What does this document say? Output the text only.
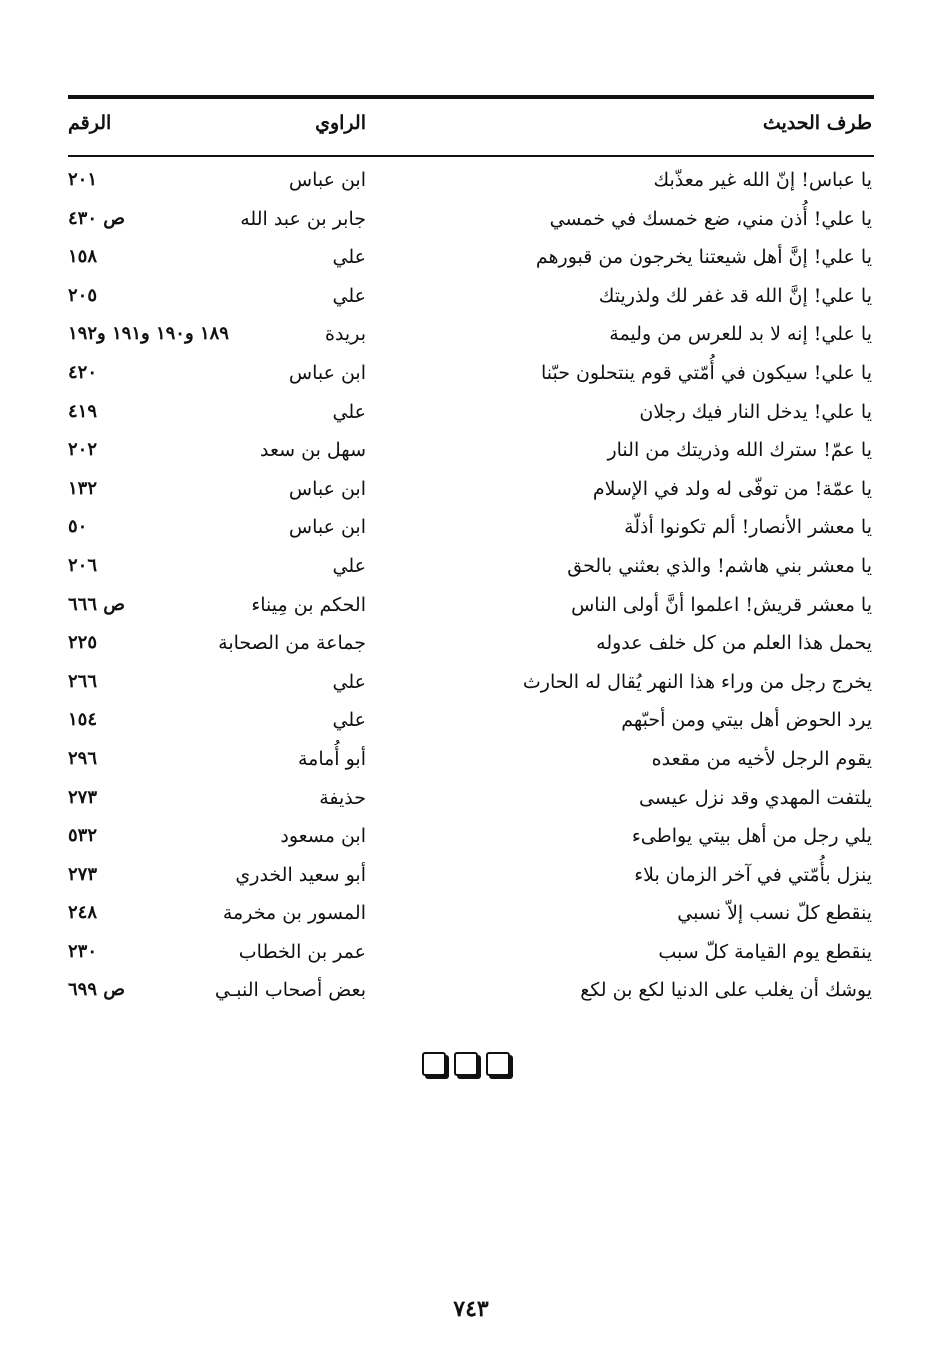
طرف الحديث
الراوي
الرقم
يا عباس! إنّ الله غير معذّبك
ابن عباس
٢٠١
يا علي! أُذن مني، ضع خمسك في خمسي
جابر بن عبد الله
ص ٤٣٠
يا علي! إنَّ أهل شيعتنا يخرجون من قبورهم
علي
١٥٨
يا علي! إنَّ الله قد غفر لك ولذريتك
علي
٢٠٥
يا علي! إنه لا بد للعرس من وليمة
بريدة
١٨٩ و١٩٠ و١٩١ و١٩٢
يا علي! سيكون في أُمّتي قوم ينتحلون حبّنا
ابن عباس
٤٢٠
يا علي! يدخل النار فيك رجلان
علي
٤١٩
يا عمّ! سترك الله وذريتك من النار
سهل بن سعد
٢٠٢
يا عمّة! من توفّى له ولد في الإسلام
ابن عباس
١٣٢
يا معشر الأنصار! ألم تكونوا أذلّة
ابن عباس
٥٠
يا معشر بني هاشم! والذي بعثني بالحق
علي
٢٠٦
يا معشر قريش! اعلموا أنَّ أولى الناس
الحكم بن مِيناء
ص ٦٦٦
يحمل هذا العلم من كل خلف عدوله
جماعة من الصحابة
٢٢٥
يخرج رجل من وراء هذا النهر يُقال له الحارث
علي
٢٦٦
يرد الحوض أهل بيتي ومن أحبّهم
علي
١٥٤
يقوم الرجل لأخيه من مقعده
أبو أُمامة
٢٩٦
يلتفت المهدي وقد نزل عيسى
حذيفة
٢٧٣
يلي رجل من أهل بيتي يواطىء
ابن مسعود
٥٣٢
ينزل بأُمّتي في آخر الزمان بلاء
أبو سعيد الخدري
٢٧٣
ينقطع كلّ نسب إلاّ نسبي
المسور بن مخرمة
٢٤٨
ينقطع يوم القيامة كلّ سبب
عمر بن الخطاب
٢٣٠
يوشك أن يغلب على الدنيا لكع بن لكع
بعض أصحاب النبـي
ص ٦٩٩
٧٤٣
